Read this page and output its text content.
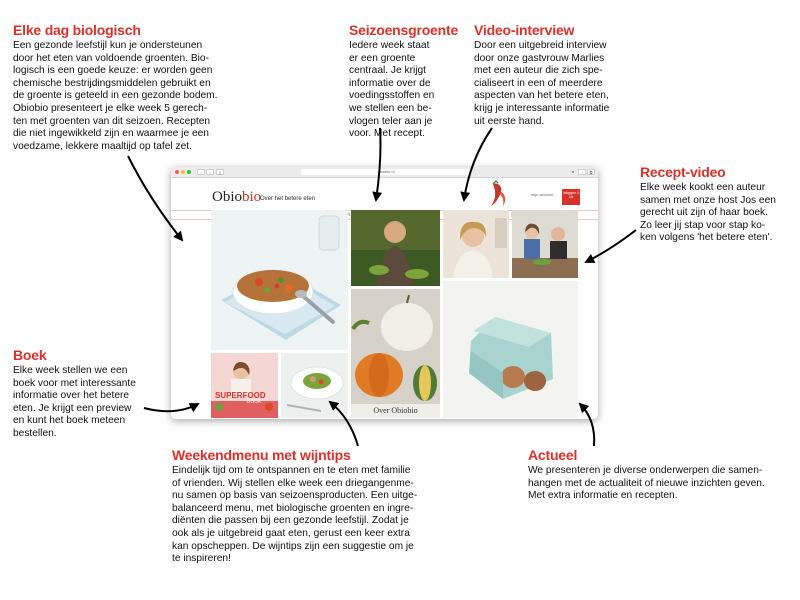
Elke dag biologisch

Een gezonde leefstijl kun je ondersteunen
door het eten van voldoende groenten. Bio-
logisch is een goede keuze: er worden geen
chemische bestrijdingsmiddelen gebruikt en
de groente is geteeld in een gezonde bodem.
Obiobio presenteert je elke week 5 gerech-
ten met groenten van dit seizoen. Recepten
die niet ingewikkeld zijn en waarmee je een
voedzame, lekkere maaltijd op tafel zet.

Seizoensgroente

Iedere week staat
er een groente
centraal. Je krijgt
informatie over de
voedingsstoffen en
we stellen een be-
vlogen teler aan je
voor. Met recept.

Video-interview

Door een uitgebreid interview
door onze gastvrouw Marlies
met een auteur die zich spe-
cialiseert in een of meerdere
aspecten van het betere eten,
krijg je interessante informatie
uit eerste hand.

Recept-video

Elke week kookt een auteur
samen met onze host Jos een
gerecht uit zijn of haar boek.
Zo leer jij stap voor stap ko-
ken volgens 'het betere eten'.

Boek

Elke week stellen we een
boek voor met interessante
informatie over het betere
eten. Je krijgt een preview
en kunt het boek meteen
bestellen.

Weekendmenu met wijntips

Eindelijk tijd om te ontspannen en te eten met familie
of vrienden. Wij stellen elke week een driegangenme-
nu samen op basis van seizoensproducten. Een uitge-
balanceerd menu, met biologische groenten en ingre-
diënten die passen bij een gezonde leefstijl. Zodat je
ook als je uitgebreid gaat eten, gerust een keer extra
kan opscheppen. De wijntips zijn een suggestie om je
te inspireren!

Actueel

We presenteren je diverse onderwerpen die samen-
hangen met de actualiteit of nieuwe inzichten geven.
Met extra informatie en recepten.

‹	›	▯	obiobio.nl	●	↑	⧉
Obiobio
Over het betere eten
mijn account	Inloggen & Lid
Over Obiobio
SUPERFOOD
BOOK
